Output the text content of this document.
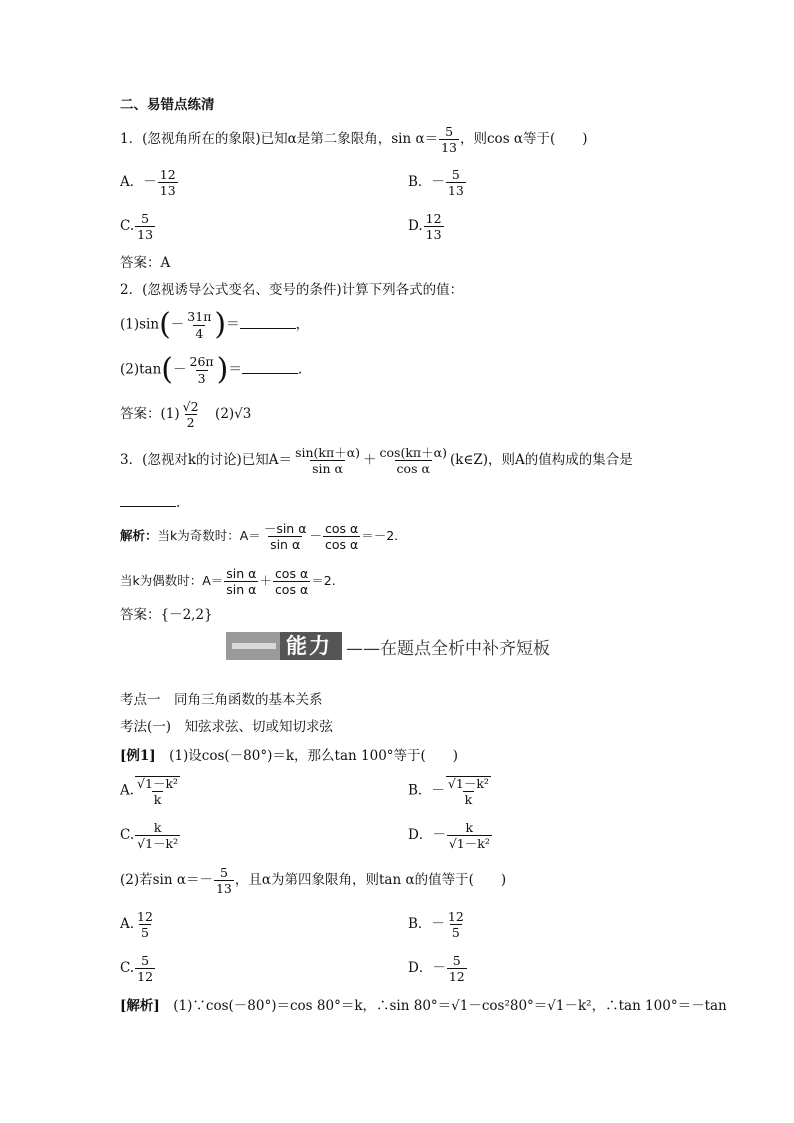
二、易错点练清
1．(忽视角所在的象限)已知α是第二象限角，$\sin \alpha= \frac{5}{13}$ ，则cos α等于(　　)
A．－ $\frac{12}{13}$	B．－ $\frac{5}{13}$
C. $\frac{5}{13}$	D. $\frac{12}{13}$
答案：A
2．(忽视诱导公式变名、变号的条件)计算下列各式的值：
$(1)\sin(- \frac{31\pi}{4}$ )＝	，
$(2)\tan(- \frac{26\pi}{3}$ )＝	.
答案：$(1) \frac{√2}{2}$ 　(2)√3
3．(忽视对k的讨论)已知$A= \frac{\sin(k\pi+\alpha)}{\text{sin α}} + \frac{\cos(k\pi+\alpha)}{\text{cos α}}$ (k∈Z)，则A的值构成的集合是
.
解析：当k为奇数时：$A= \frac{\text{－sin α}}{\text{sin α}} - \frac{\text{cos α}}{\text{cos α}} =-2$.
当k为偶数时：$A= \frac{\text{sin α}}{\text{sin α}} + \frac{\text{cos α}}{\text{cos α}} =2$.
答案：{－2,2}
能力 ——在题点全析中补齐短板
考点一　同角三角函数的基本关系
考法(一)　知弦求弦、切或知切求弦
[例1]　(1)设cos(－80°)＝k，那么tan 100°等于(　　)
A. $\frac{\text{√1－k²}}{k}$	B．－ $\frac{\text{√1－k²}}{k}$
C. $\frac{k}{\text{√1－k²}}$	D．－ $\frac{k}{\text{√1－k²}}$
(2)若$\sin \alpha=- \frac{5}{13}$ ，且α为第四象限角，则tan α的值等于(　　)
A. $\frac{12}{5}$	B．－ $\frac{12}{5}$
C. $\frac{5}{12}$	D．－ $\frac{5}{12}$
[解析]　(1)∵cos(－80°)＝cos 80°＝k，∴sin 80°＝√1－cos²80°＝√1－k²，∴tan 100°＝－tan
